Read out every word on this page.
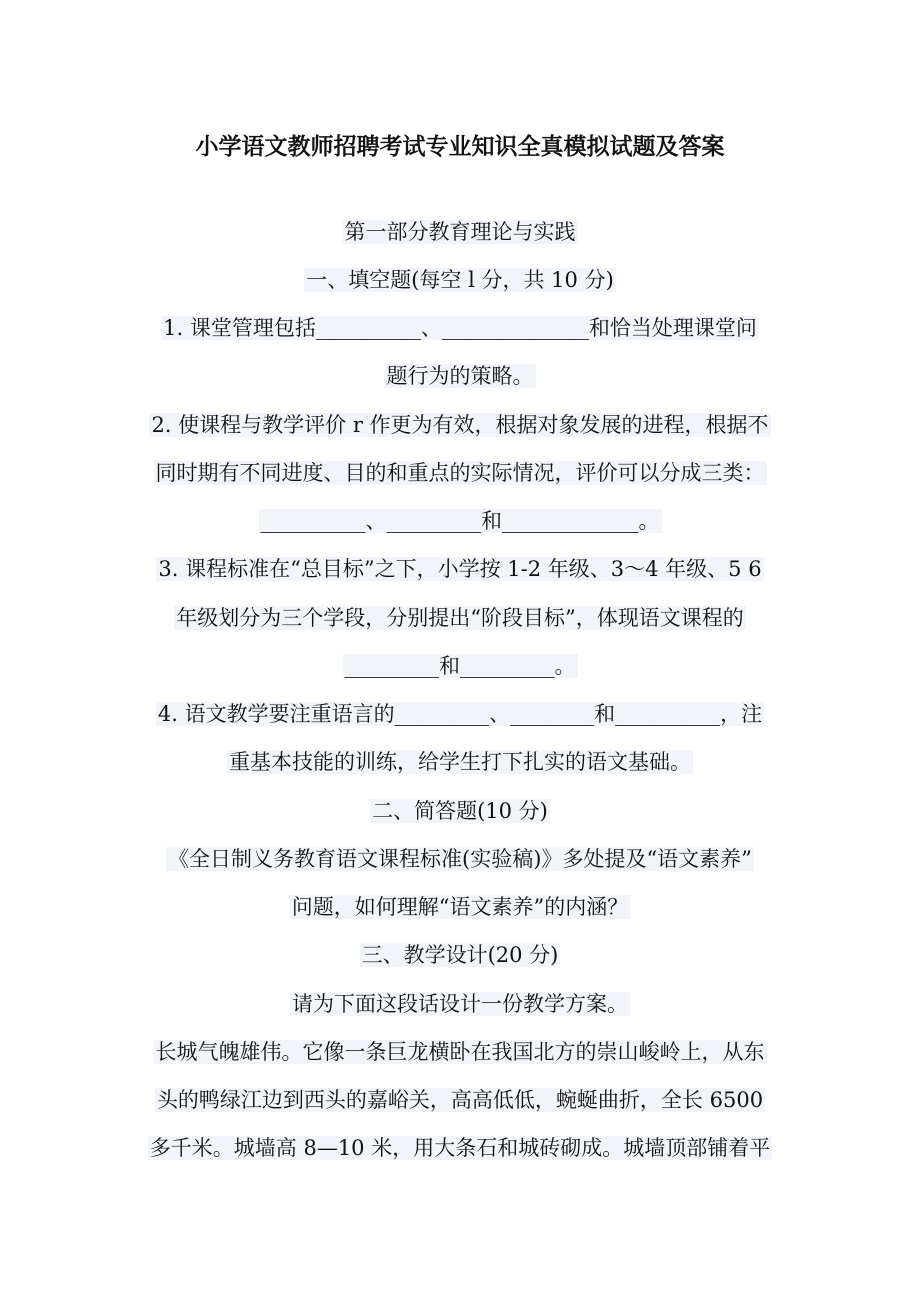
小学语文教师招聘考试专业知识全真模拟试题及答案
第一部分教育理论与实践
一、填空题(每空 l 分，共 10 分)
1. 课堂管理包括__________、______________和恰当处理课堂问
题行为的策略。
2. 使课程与教学评价 r 作更为有效，根据对象发展的进程，根据不
同时期有不同进度、目的和重点的实际情况，评价可以分成三类：
__________、_________和_____________。
3. 课程标准在“总目标”之下，小学按 1-2 年级、3～4 年级、5 6
年级划分为三个学段，分别提出“阶段目标”，体现语文课程的
_________和_________。
4. 语文教学要注重语言的_________、________和__________，注
重基本技能的训练，给学生打下扎实的语文基础。
二、简答题(10 分)
《全日制义务教育语文课程标准(实验稿)》多处提及“语文素养”
问题，如何理解“语文素养”的内涵？
三、教学设计(20 分)
请为下面这段话设计一份教学方案。
长城气魄雄伟。它像一条巨龙横卧在我国北方的崇山峻岭上，从东
头的鸭绿江边到西头的嘉峪关，高高低低，蜿蜒曲折，全长 6500
多千米。城墙高 8—10 米，用大条石和城砖砌成。城墙顶部铺着平
